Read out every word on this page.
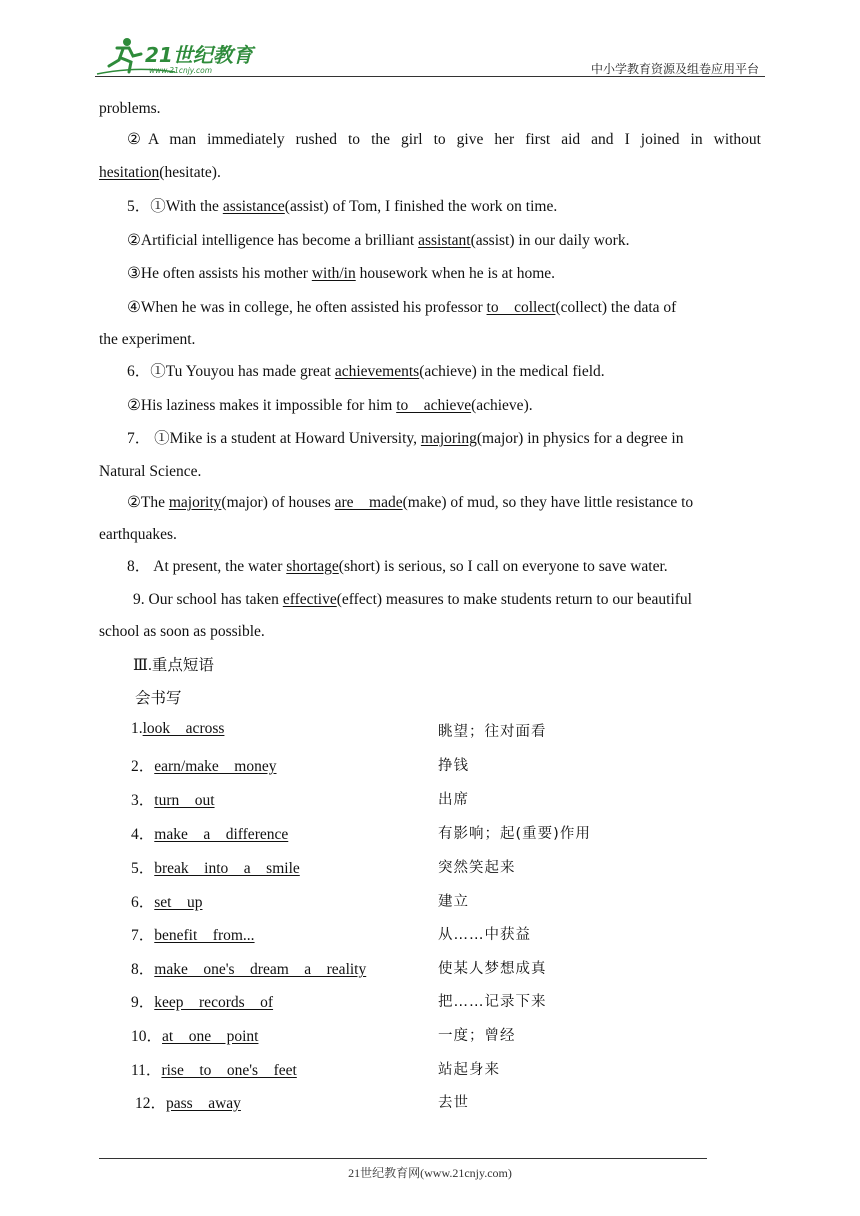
21世纪教育
www.21cnjy.com	中小学教育资源及组卷应用平台
problems.
②A man immediately rushed to the girl to give her first aid and I joined in without
hesitation(hesitate).
5．①With the assistance(assist) of Tom, I finished the work on time.
②Artificial intelligence has become a brilliant assistant(assist) in our daily work.
③He often assists his mother with/in housework when he is at home.
④When he was in college, he often assisted his professor to    collect(collect) the data of
the experiment.
6．①Tu Youyou has made great achievements(achieve) in the medical field.
②His laziness makes it impossible for him to    achieve(achieve).
7． ①Mike is a student at Howard University, majoring(major) in physics for a degree in
Natural Science.
②The majority(major) of houses are    made(make) of mud, so they have little resistance to
earthquakes.
8． At present, the water shortage(short) is serious, so I call on everyone to save water.
9. Our school has taken effective(effect) measures to make students return to our beautiful
school as soon as possible.
Ⅲ.重点短语
会书写
1.look    across	眺望；往对面看
2．earn/make    money	挣钱
3．turn    out	出席
4．make    a    difference	有影响；起(重要)作用
5．break    into    a    smile	突然笑起来
6．set    up	建立
7．benefit    from...	从……中获益
8．make    one's    dream    a    reality	使某人梦想成真
9．keep    records    of	把……记录下来
10．at    one    point	一度；曾经
11．rise    to    one's    feet	站起身来
12．pass    away	去世
21世纪教育网(www.21cnjy.com)
